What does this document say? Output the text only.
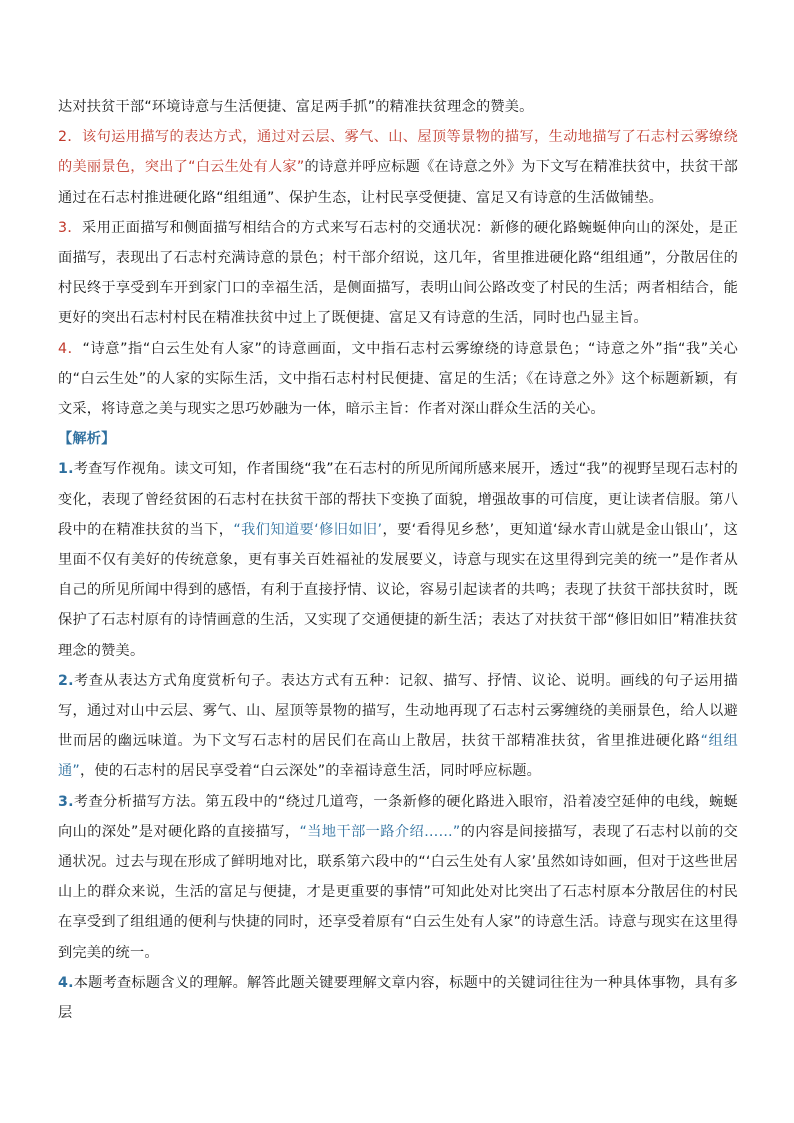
达对扶贫干部“环境诗意与生活便捷、富足两手抓”的精准扶贫理念的赞美。

2．该句运用描写的表达方式，通过对云层、雾气、山、屋顶等景物的描写，生动地描写了石志村云雾缭绕的美丽景色，突出了“白云生处有人家”的诗意并呼应标题《在诗意之外》为下文写在精准扶贫中，扶贫干部通过在石志村推进硬化路“组组通”、保护生态，让村民享受便捷、富足又有诗意的生活做铺垫。

3．采用正面描写和侧面描写相结合的方式来写石志村的交通状况：新修的硬化路蜿蜒伸向山的深处，是正面描写，表现出了石志村充满诗意的景色；村干部介绍说，这几年，省里推进硬化路“组组通”，分散居住的村民终于享受到车开到家门口的幸福生活，是侧面描写，表明山间公路改变了村民的生活；两者相结合，能更好的突出石志村村民在精准扶贫中过上了既便捷、富足又有诗意的生活，同时也凸显主旨。

4．“诗意”指“白云生处有人家”的诗意画面，文中指石志村云雾缭绕的诗意景色；“诗意之外”指“我”关心的“白云生处”的人家的实际生活，文中指石志村村民便捷、富足的生活；《在诗意之外》这个标题新颖，有文采，将诗意之美与现实之思巧妙融为一体，暗示主旨：作者对深山群众生活的关心。

【解析】

1.考查写作视角。读文可知，作者围绕“我”在石志村的所见所闻所感来展开，透过“我”的视野呈现石志村的变化，表现了曾经贫困的石志村在扶贫干部的帮扶下变换了面貌，增强故事的可信度，更让读者信服。第八段中的在精准扶贫的当下，“我们知道要‘修旧如旧’，要‘看得见乡愁’，更知道‘绿水青山就是金山银山’，这里面不仅有美好的传统意象，更有事关百姓福祉的发展要义，诗意与现实在这里得到完美的统一”是作者从自己的所见所闻中得到的感悟，有利于直接抒情、议论，容易引起读者的共鸣；表现了扶贫干部扶贫时，既保护了石志村原有的诗情画意的生活，又实现了交通便捷的新生活；表达了对扶贫干部“修旧如旧”精准扶贫理念的赞美。

2.考查从表达方式角度赏析句子。表达方式有五种：记叙、描写、抒情、议论、说明。画线的句子运用描写，通过对山中云层、雾气、山、屋顶等景物的描写，生动地再现了石志村云雾缠绕的美丽景色，给人以避世而居的幽远味道。为下文写石志村的居民们在高山上散居，扶贫干部精准扶贫，省里推进硬化路“组组通”，使的石志村的居民享受着“白云深处”的幸福诗意生活，同时呼应标题。

3.考查分析描写方法。第五段中的“绕过几道弯，一条新修的硬化路进入眼帘，沿着凌空延伸的电线，蜿蜒向山的深处”是对硬化路的直接描写，“当地干部一路介绍……”的内容是间接描写，表现了石志村以前的交通状况。过去与现在形成了鲜明地对比，联系第六段中的“‘白云生处有人家’虽然如诗如画，但对于这些世居山上的群众来说，生活的富足与便捷，才是更重要的事情”可知此处对比突出了石志村原本分散居住的村民在享受到了组组通的便利与快捷的同时，还享受着原有“白云生处有人家”的诗意生活。诗意与现实在这里得到完美的统一。

4.本题考查标题含义的理解。解答此题关键要理解文章内容，标题中的关键词往往为一种具体事物，具有多层
